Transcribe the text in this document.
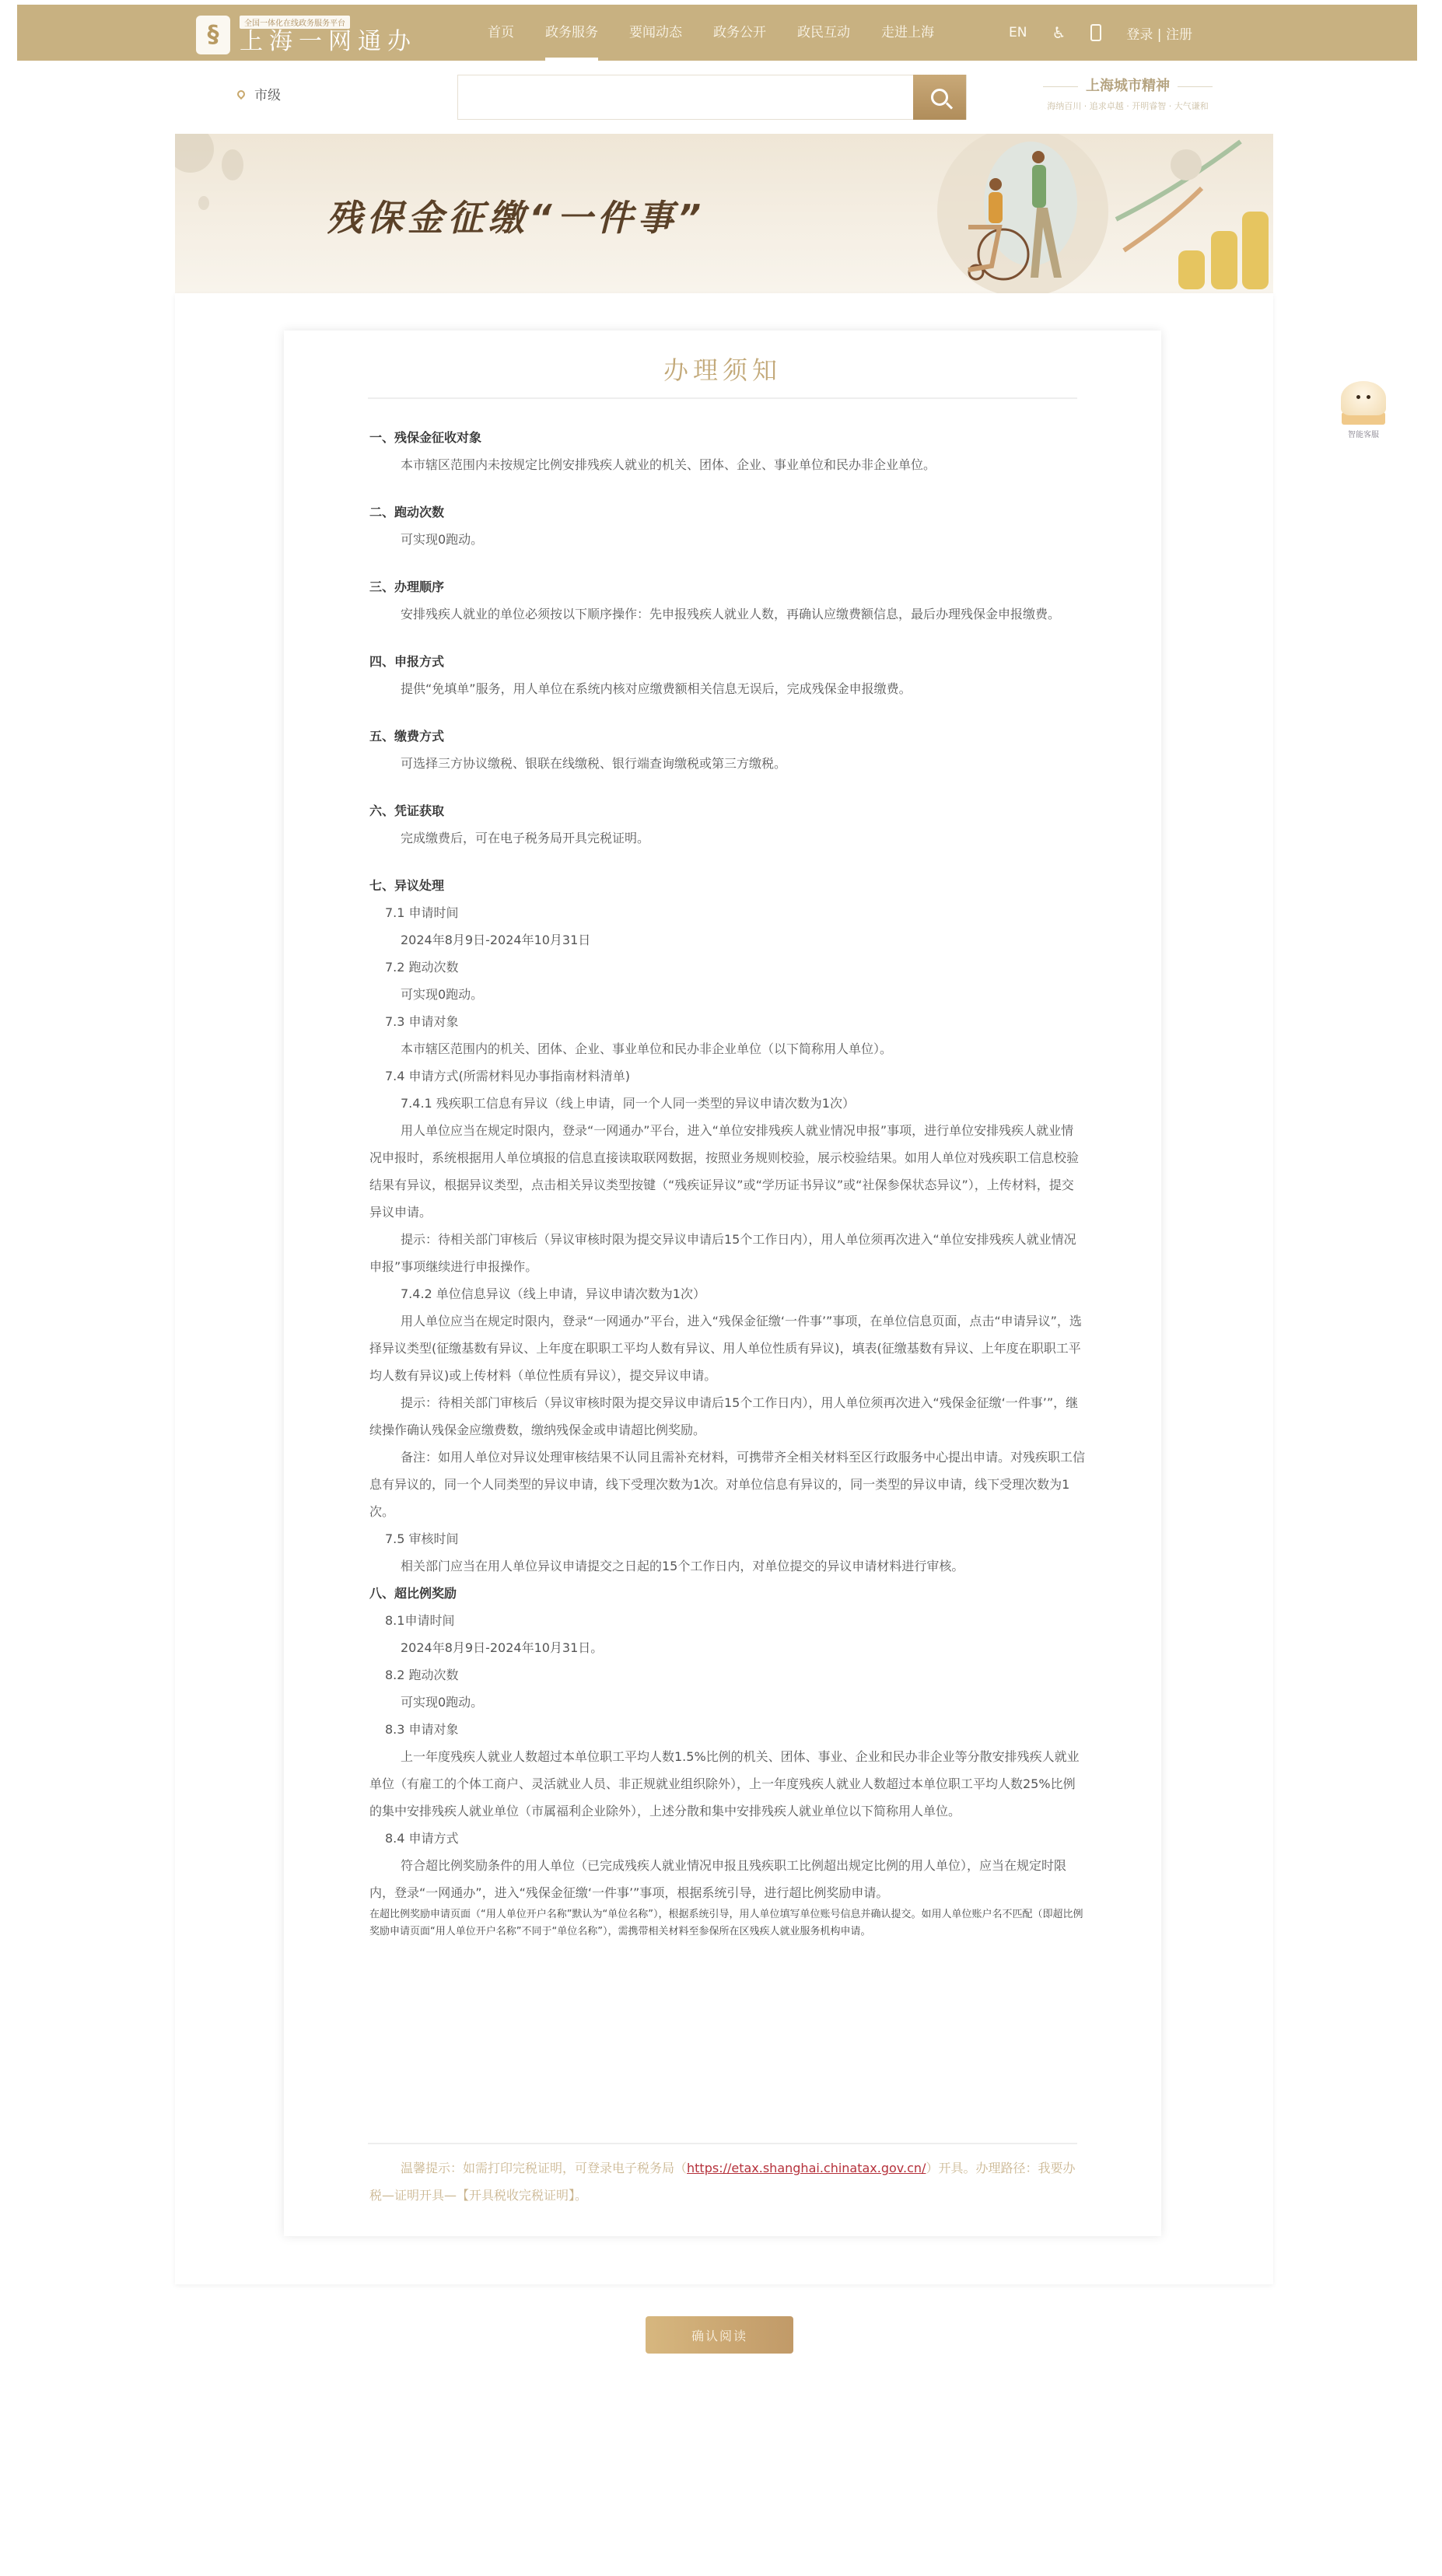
§	全国一体化在线政务服务平台
上海一网通办	首页 政务服务 要闻动态 政务公开 政民互动 走进上海	EN ♿	登录 | 注册
市级
上海城市精神
海纳百川 · 追求卓越 · 开明睿智 · 大气谦和
残保金征缴“一件事”
办理须知
一、残保金征收对象
本市辖区范围内未按规定比例安排残疾人就业的机关、团体、企业、事业单位和民办非企业单位。
二、跑动次数
可实现0跑动。
三、办理顺序
安排残疾人就业的单位必须按以下顺序操作：先申报残疾人就业人数，再确认应缴费额信息，最后办理残保金申报缴费。
四、申报方式
提供“免填单”服务，用人单位在系统内核对应缴费额相关信息无误后，完成残保金申报缴费。
五、缴费方式
可选择三方协议缴税、银联在线缴税、银行端查询缴税或第三方缴税。
六、凭证获取
完成缴费后，可在电子税务局开具完税证明。
七、异议处理
7.1 申请时间
2024年8月9日-2024年10月31日
7.2 跑动次数
可实现0跑动。
7.3 申请对象
本市辖区范围内的机关、团体、企业、事业单位和民办非企业单位（以下简称用人单位）。
7.4 申请方式(所需材料见办事指南材料清单)
7.4.1 残疾职工信息有异议（线上申请，同一个人同一类型的异议申请次数为1次）
用人单位应当在规定时限内，登录“一网通办”平台，进入“单位安排残疾人就业情况申报”事项，进行单位安排残疾人就业情况申报时，系统根据用人单位填报的信息直接读取联网数据，按照业务规则校验，展示校验结果。如用人单位对残疾职工信息校验结果有异议，根据异议类型，点击相关异议类型按键（“残疾证异议”或“学历证书异议”或“社保参保状态异议”），上传材料，提交异议申请。
提示：待相关部门审核后（异议审核时限为提交异议申请后15个工作日内），用人单位须再次进入“单位安排残疾人就业情况申报”事项继续进行申报操作。
7.4.2 单位信息异议（线上申请，异议申请次数为1次）
用人单位应当在规定时限内，登录“一网通办”平台，进入“残保金征缴‘一件事’”事项，在单位信息页面，点击“申请异议”，选择异议类型(征缴基数有异议、上年度在职职工平均人数有异议、用人单位性质有异议)，填表(征缴基数有异议、上年度在职职工平均人数有异议)或上传材料（单位性质有异议），提交异议申请。
提示：待相关部门审核后（异议审核时限为提交异议申请后15个工作日内），用人单位须再次进入“残保金征缴‘一件事’”，继续操作确认残保金应缴费数，缴纳残保金或申请超比例奖励。
备注：如用人单位对异议处理审核结果不认同且需补充材料，可携带齐全相关材料至区行政服务中心提出申请。对残疾职工信息有异议的，同一个人同类型的异议申请，线下受理次数为1次。对单位信息有异议的，同一类型的异议申请，线下受理次数为1次。
7.5 审核时间
相关部门应当在用人单位异议申请提交之日起的15个工作日内，对单位提交的异议申请材料进行审核。
八、超比例奖励
8.1申请时间
2024年8月9日-2024年10月31日。
8.2 跑动次数
可实现0跑动。
8.3 申请对象
上一年度残疾人就业人数超过本单位职工平均人数1.5%比例的机关、团体、事业、企业和民办非企业等分散安排残疾人就业单位（有雇工的个体工商户、灵活就业人员、非正规就业组织除外），上一年度残疾人就业人数超过本单位职工平均人数25%比例的集中安排残疾人就业单位（市属福利企业除外），上述分散和集中安排残疾人就业单位以下简称用人单位。
8.4 申请方式
符合超比例奖励条件的用人单位（已完成残疾人就业情况申报且残疾职工比例超出规定比例的用人单位），应当在规定时限内，登录“一网通办”，进入“残保金征缴‘一件事’”事项，根据系统引导，进行超比例奖励申请。
在超比例奖励申请页面（“用人单位开户名称”默认为“单位名称”），根据系统引导，用人单位填写单位账号信息并确认提交。如用人单位账户名不匹配（即超比例奖励申请页面“用人单位开户名称”不同于“单位名称”），需携带相关材料至参保所在区残疾人就业服务机构申请。
温馨提示：如需打印完税证明，可登录电子税务局（https://etax.shanghai.chinatax.gov.cn/）开具。办理路径：我要办税—证明开具—【开具税收完税证明】。
确认阅读
智能客服
